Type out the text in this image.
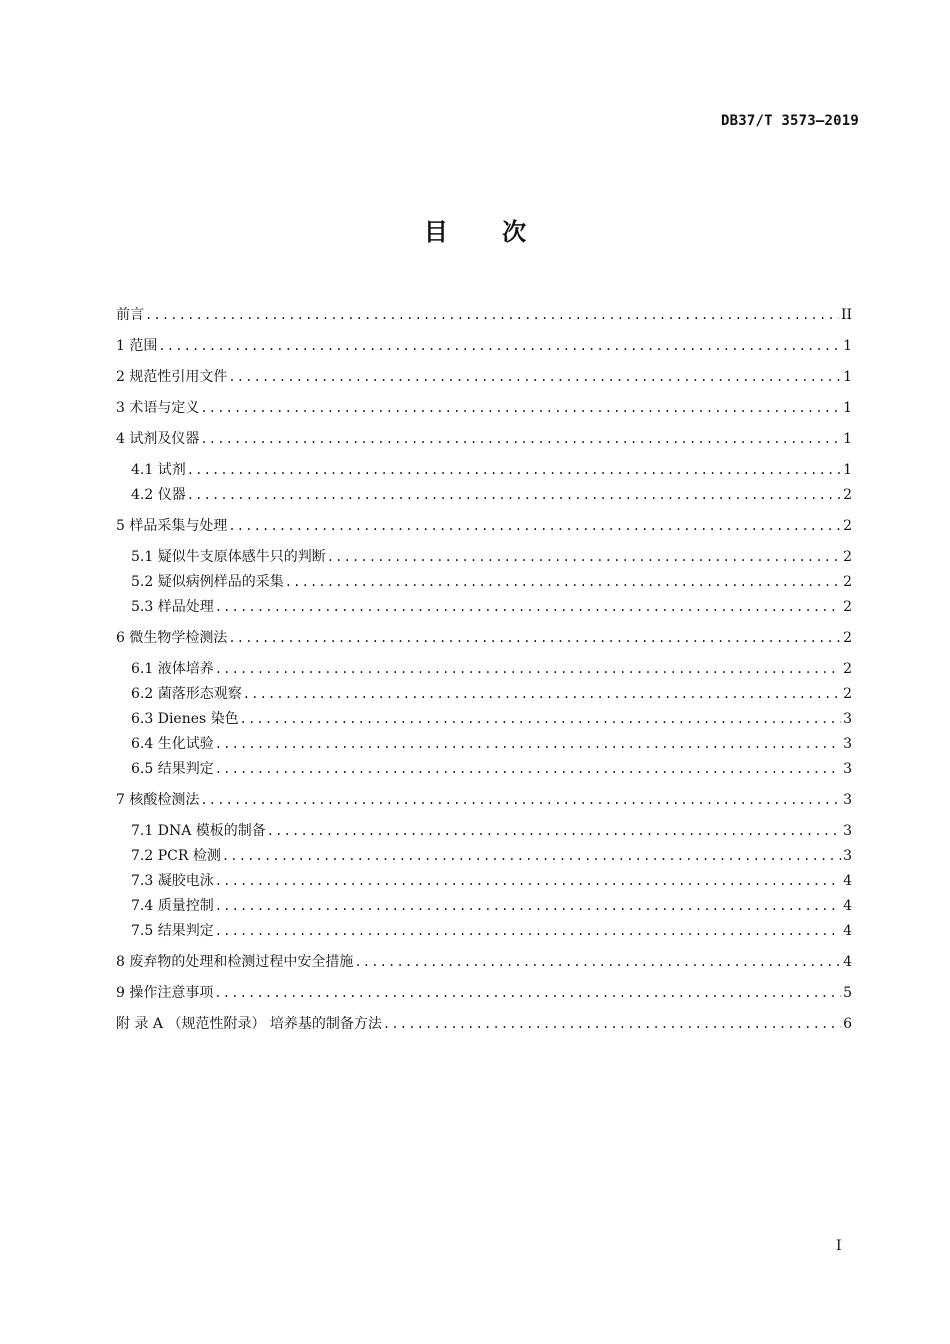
DB37/T 3573—2019
目 次
前言 .....	II
1 范围 .....	1
2 规范性引用文件 .....	1
3 术语与定义 .....	1
4 试剂及仪器 .....	1
4.1 试剂 .....	1
4.2 仪器 .....	2
5 样品采集与处理 .....	2
5.1 疑似牛支原体感牛只的判断 .....	2
5.2 疑似病例样品的采集 .....	2
5.3 样品处理 .....	2
6 微生物学检测法 .....	2
6.1 液体培养 .....	2
6.2 菌落形态观察 .....	2
6.3 Dienes 染色 .....	3
6.4 生化试验 .....	3
6.5 结果判定 .....	3
7 核酸检测法 .....	3
7.1 DNA 模板的制备 .....	3
7.2 PCR 检测 .....	3
7.3 凝胶电泳 .....	4
7.4 质量控制 .....	4
7.5 结果判定 .....	4
8 废弃物的处理和检测过程中安全措施 .....	4
9 操作注意事项 .....	5
附 录 A （规范性附录） 培养基的制备方法 .....	6
I
